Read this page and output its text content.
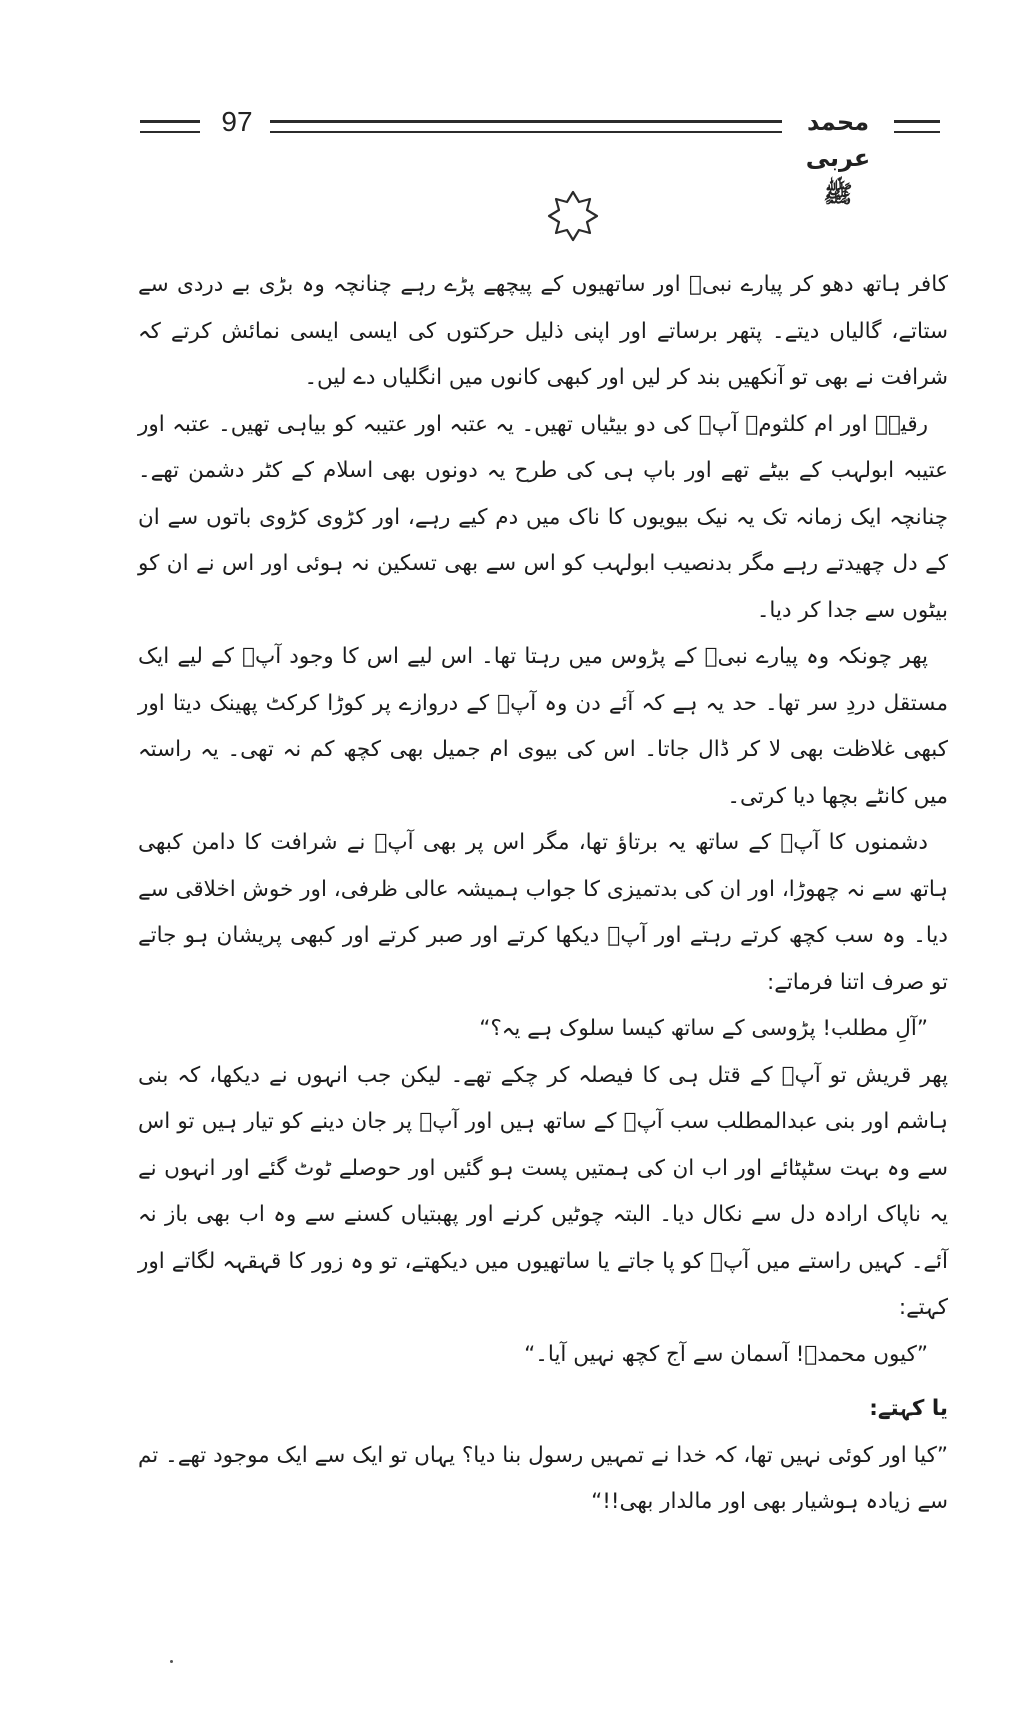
97	محمد عربی ﷺ

کافر ہاتھ دھو کر پیارے نبیؐ اور ساتھیوں کے پیچھے پڑے رہے چنانچہ وہ بڑی بے دردی سے ستاتے، گالیاں دیتے۔ پتھر برساتے اور اپنی ذلیل حرکتوں کی ایسی ایسی نمائش کرتے کہ شرافت نے بھی تو آنکھیں بند کر لیں اور کبھی کانوں میں انگلیاں دے لیں۔

رقیہؓ اور ام کلثومؓ آپؐ کی دو بیٹیاں تھیں۔ یہ عتبہ اور عتیبہ کو بیاہی تھیں۔ عتبہ اور عتیبہ ابولہب کے بیٹے تھے اور باپ ہی کی طرح یہ دونوں بھی اسلام کے کٹر دشمن تھے۔ چنانچہ ایک زمانہ تک یہ نیک بیویوں کا ناک میں دم کیے رہے، اور کڑوی کڑوی باتوں سے ان کے دل چھیدتے رہے مگر بدنصیب ابولہب کو اس سے بھی تسکین نہ ہوئی اور اس نے ان کو بیٹوں سے جدا کر دیا۔

پھر چونکہ وہ پیارے نبیؐ کے پڑوس میں رہتا تھا۔ اس لیے اس کا وجود آپؐ کے لیے ایک مستقل دردِ سر تھا۔ حد یہ ہے کہ آئے دن وہ آپؐ کے دروازے پر کوڑا کرکٹ پھینک دیتا اور کبھی غلاظت بھی لا کر ڈال جاتا۔ اس کی بیوی ام جمیل بھی کچھ کم نہ تھی۔ یہ راستہ میں کانٹے بچھا دیا کرتی۔

دشمنوں کا آپؐ کے ساتھ یہ برتاؤ تھا، مگر اس پر بھی آپؐ نے شرافت کا دامن کبھی ہاتھ سے نہ چھوڑا، اور ان کی بدتمیزی کا جواب ہمیشہ عالی ظرفی، اور خوش اخلاقی سے دیا۔ وہ سب کچھ کرتے رہتے اور آپؐ دیکھا کرتے اور صبر کرتے اور کبھی پریشان ہو جاتے تو صرف اتنا فرماتے:

”آلِ مطلب! پڑوسی کے ساتھ کیسا سلوک ہے یہ؟“

پھر قریش تو آپؐ کے قتل ہی کا فیصلہ کر چکے تھے۔ لیکن جب انہوں نے دیکھا، کہ بنی ہاشم اور بنی عبدالمطلب سب آپؐ کے ساتھ ہیں اور آپؐ پر جان دینے کو تیار ہیں تو اس سے وہ بہت سٹپٹائے اور اب ان کی ہمتیں پست ہو گئیں اور حوصلے ٹوٹ گئے اور انہوں نے یہ ناپاک ارادہ دل سے نکال دیا۔ البتہ چوٹیں کرنے اور پھبتیاں کسنے سے وہ اب بھی باز نہ آئے۔ کہیں راستے میں آپؐ کو پا جاتے یا ساتھیوں میں دیکھتے، تو وہ زور کا قہقہہ لگاتے اور کہتے:

”کیوں محمدؐ! آسمان سے آج کچھ نہیں آیا۔“

یا کہتے:

”کیا اور کوئی نہیں تھا، کہ خدا نے تمہیں رسول بنا دیا؟ یہاں تو ایک سے ایک موجود تھے۔ تم سے زیادہ ہوشیار بھی اور مالدار بھی!!“
